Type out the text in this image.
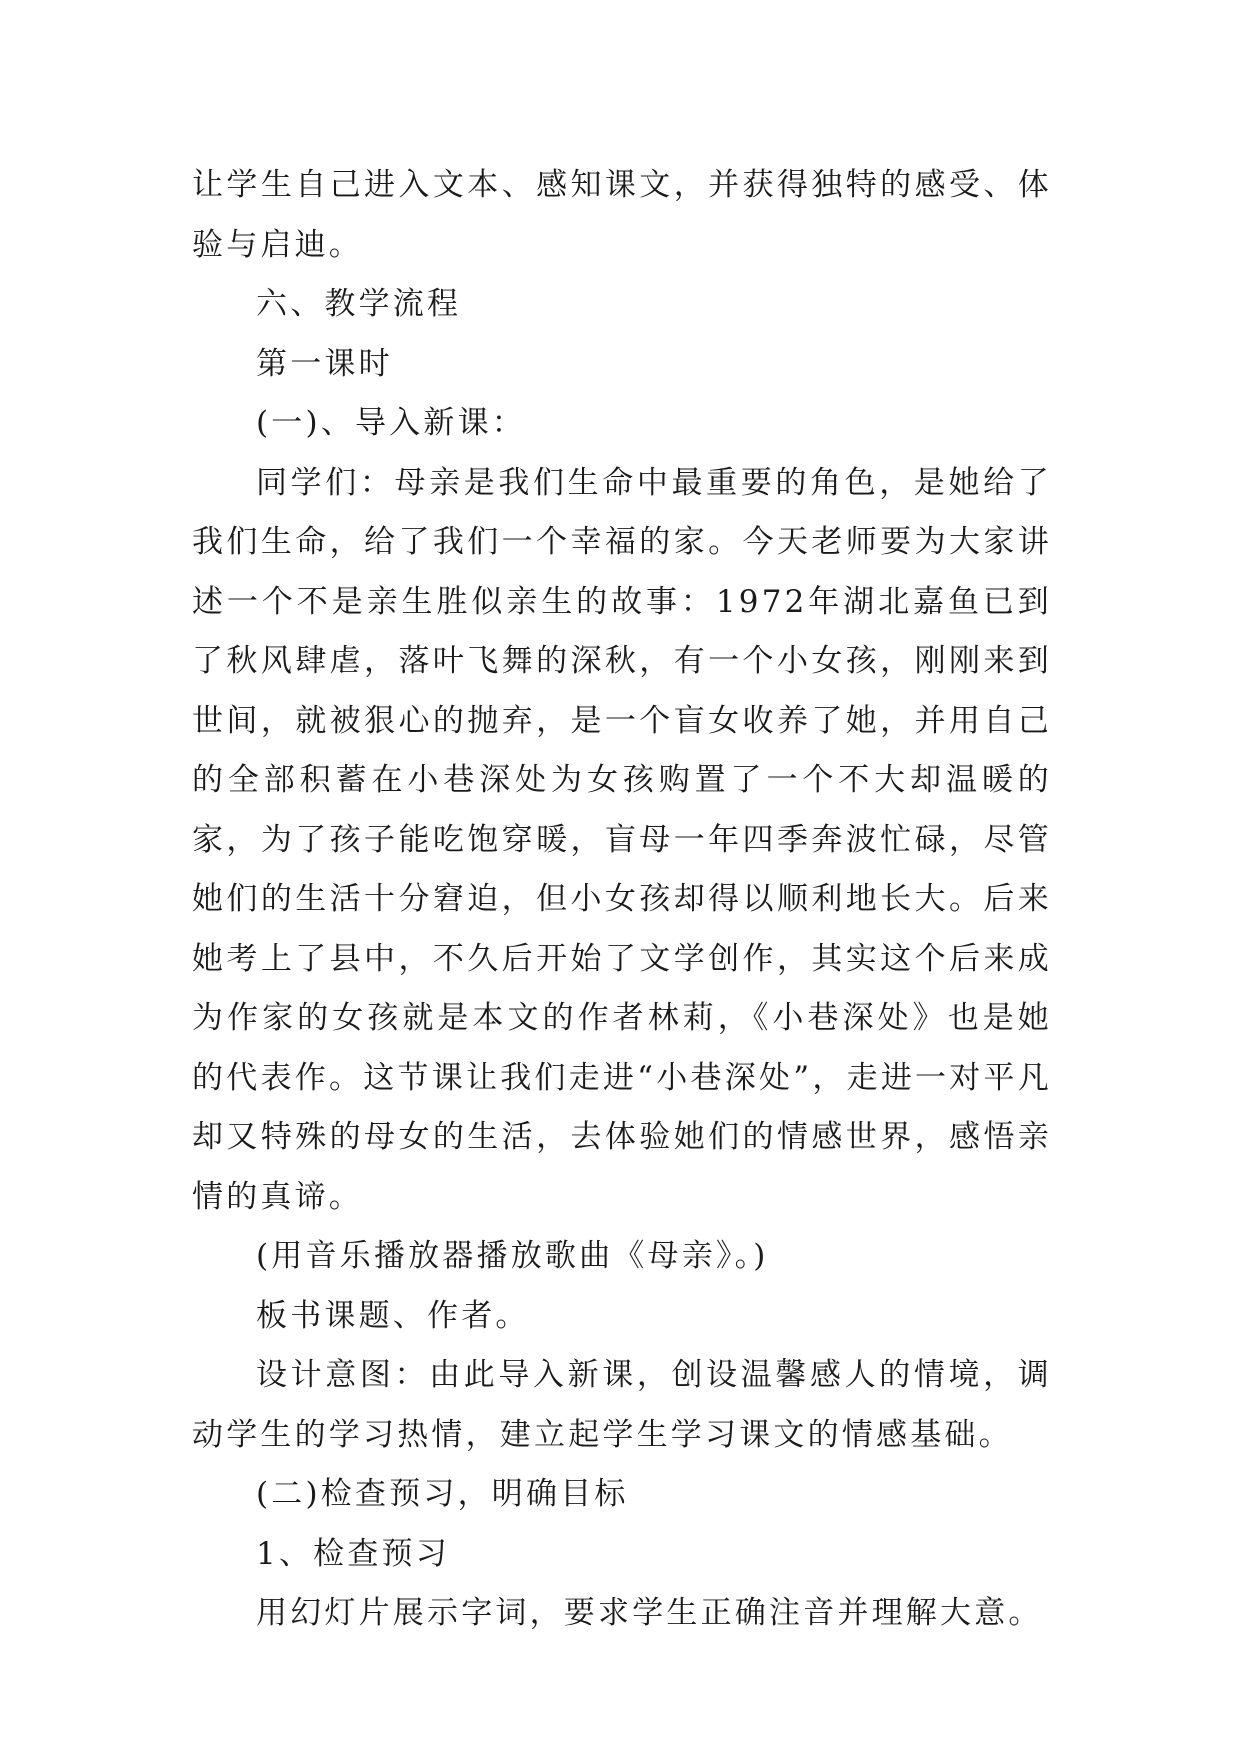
让学生自己进入文本、感知课文，并获得独特的感受、体验与启迪。

六、教学流程

第一课时

(一)、导入新课：

同学们：母亲是我们生命中最重要的角色，是她给了我们生命，给了我们一个幸福的家。今天老师要为大家讲述一个不是亲生胜似亲生的故事：1972年湖北嘉鱼已到了秋风肆虐，落叶飞舞的深秋，有一个小女孩，刚刚来到世间，就被狠心的抛弃，是一个盲女收养了她，并用自己的全部积蓄在小巷深处为女孩购置了一个不大却温暖的家，为了孩子能吃饱穿暖，盲母一年四季奔波忙碌，尽管她们的生活十分窘迫，但小女孩却得以顺利地长大。后来她考上了县中，不久后开始了文学创作，其实这个后来成为作家的女孩就是本文的作者林莉，《小巷深处》也是她的代表作。这节课让我们走进“小巷深处”，走进一对平凡却又特殊的母女的生活，去体验她们的情感世界，感悟亲情的真谛。

(用音乐播放器播放歌曲《母亲》。)

板书课题、作者。

设计意图：由此导入新课，创设温馨感人的情境，调动学生的学习热情，建立起学生学习课文的情感基础。

(二)检查预习，明确目标

1、检查预习

用幻灯片展示字词，要求学生正确注音并理解大意。
